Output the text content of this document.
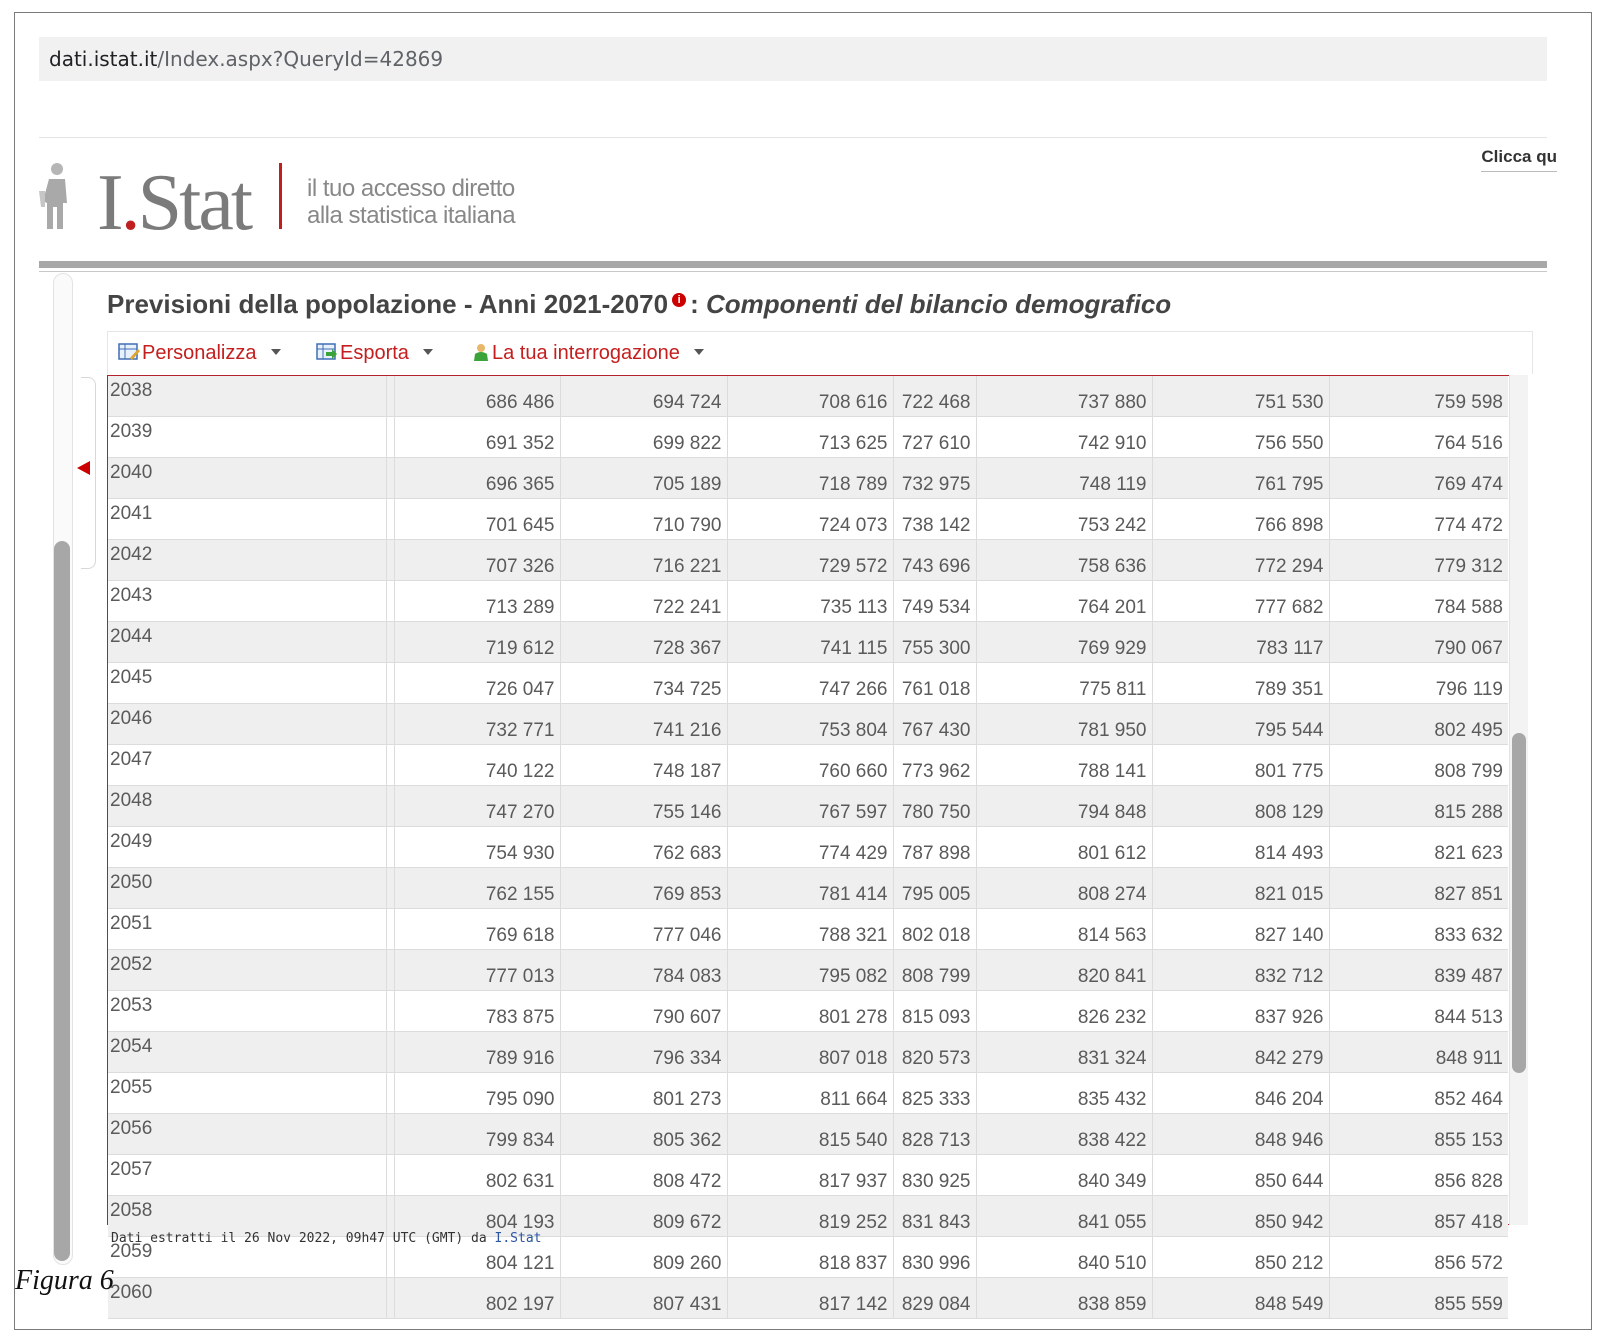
dati.istat.it/Index.aspx?QueryId=42869
I.Stat il tuo accesso diretto
alla statistica italiana
Clicca qu
Previsioni della popolazione - Anni 2021-2070 i : Componenti del bilancio demografico
Personalizza	Esporta	La tua interrogazione
2038		686 486	694 724	708 616	722 468	737 880	751 530	759 598
2039		691 352	699 822	713 625	727 610	742 910	756 550	764 516
2040		696 365	705 189	718 789	732 975	748 119	761 795	769 474
2041		701 645	710 790	724 073	738 142	753 242	766 898	774 472
2042		707 326	716 221	729 572	743 696	758 636	772 294	779 312
2043		713 289	722 241	735 113	749 534	764 201	777 682	784 588
2044		719 612	728 367	741 115	755 300	769 929	783 117	790 067
2045		726 047	734 725	747 266	761 018	775 811	789 351	796 119
2046		732 771	741 216	753 804	767 430	781 950	795 544	802 495
2047		740 122	748 187	760 660	773 962	788 141	801 775	808 799
2048		747 270	755 146	767 597	780 750	794 848	808 129	815 288
2049		754 930	762 683	774 429	787 898	801 612	814 493	821 623
2050		762 155	769 853	781 414	795 005	808 274	821 015	827 851
2051		769 618	777 046	788 321	802 018	814 563	827 140	833 632
2052		777 013	784 083	795 082	808 799	820 841	832 712	839 487
2053		783 875	790 607	801 278	815 093	826 232	837 926	844 513
2054		789 916	796 334	807 018	820 573	831 324	842 279	848 911
2055		795 090	801 273	811 664	825 333	835 432	846 204	852 464
2056		799 834	805 362	815 540	828 713	838 422	848 946	855 153
2057		802 631	808 472	817 937	830 925	840 349	850 644	856 828
2058		804 193	809 672	819 252	831 843	841 055	850 942	857 418
2059		804 121	809 260	818 837	830 996	840 510	850 212	856 572
2060		802 197	807 431	817 142	829 084	838 859	848 549	855 559
Dati estratti il 26 Nov 2022, 09h47 UTC (GMT) da I.Stat
Figura 6
